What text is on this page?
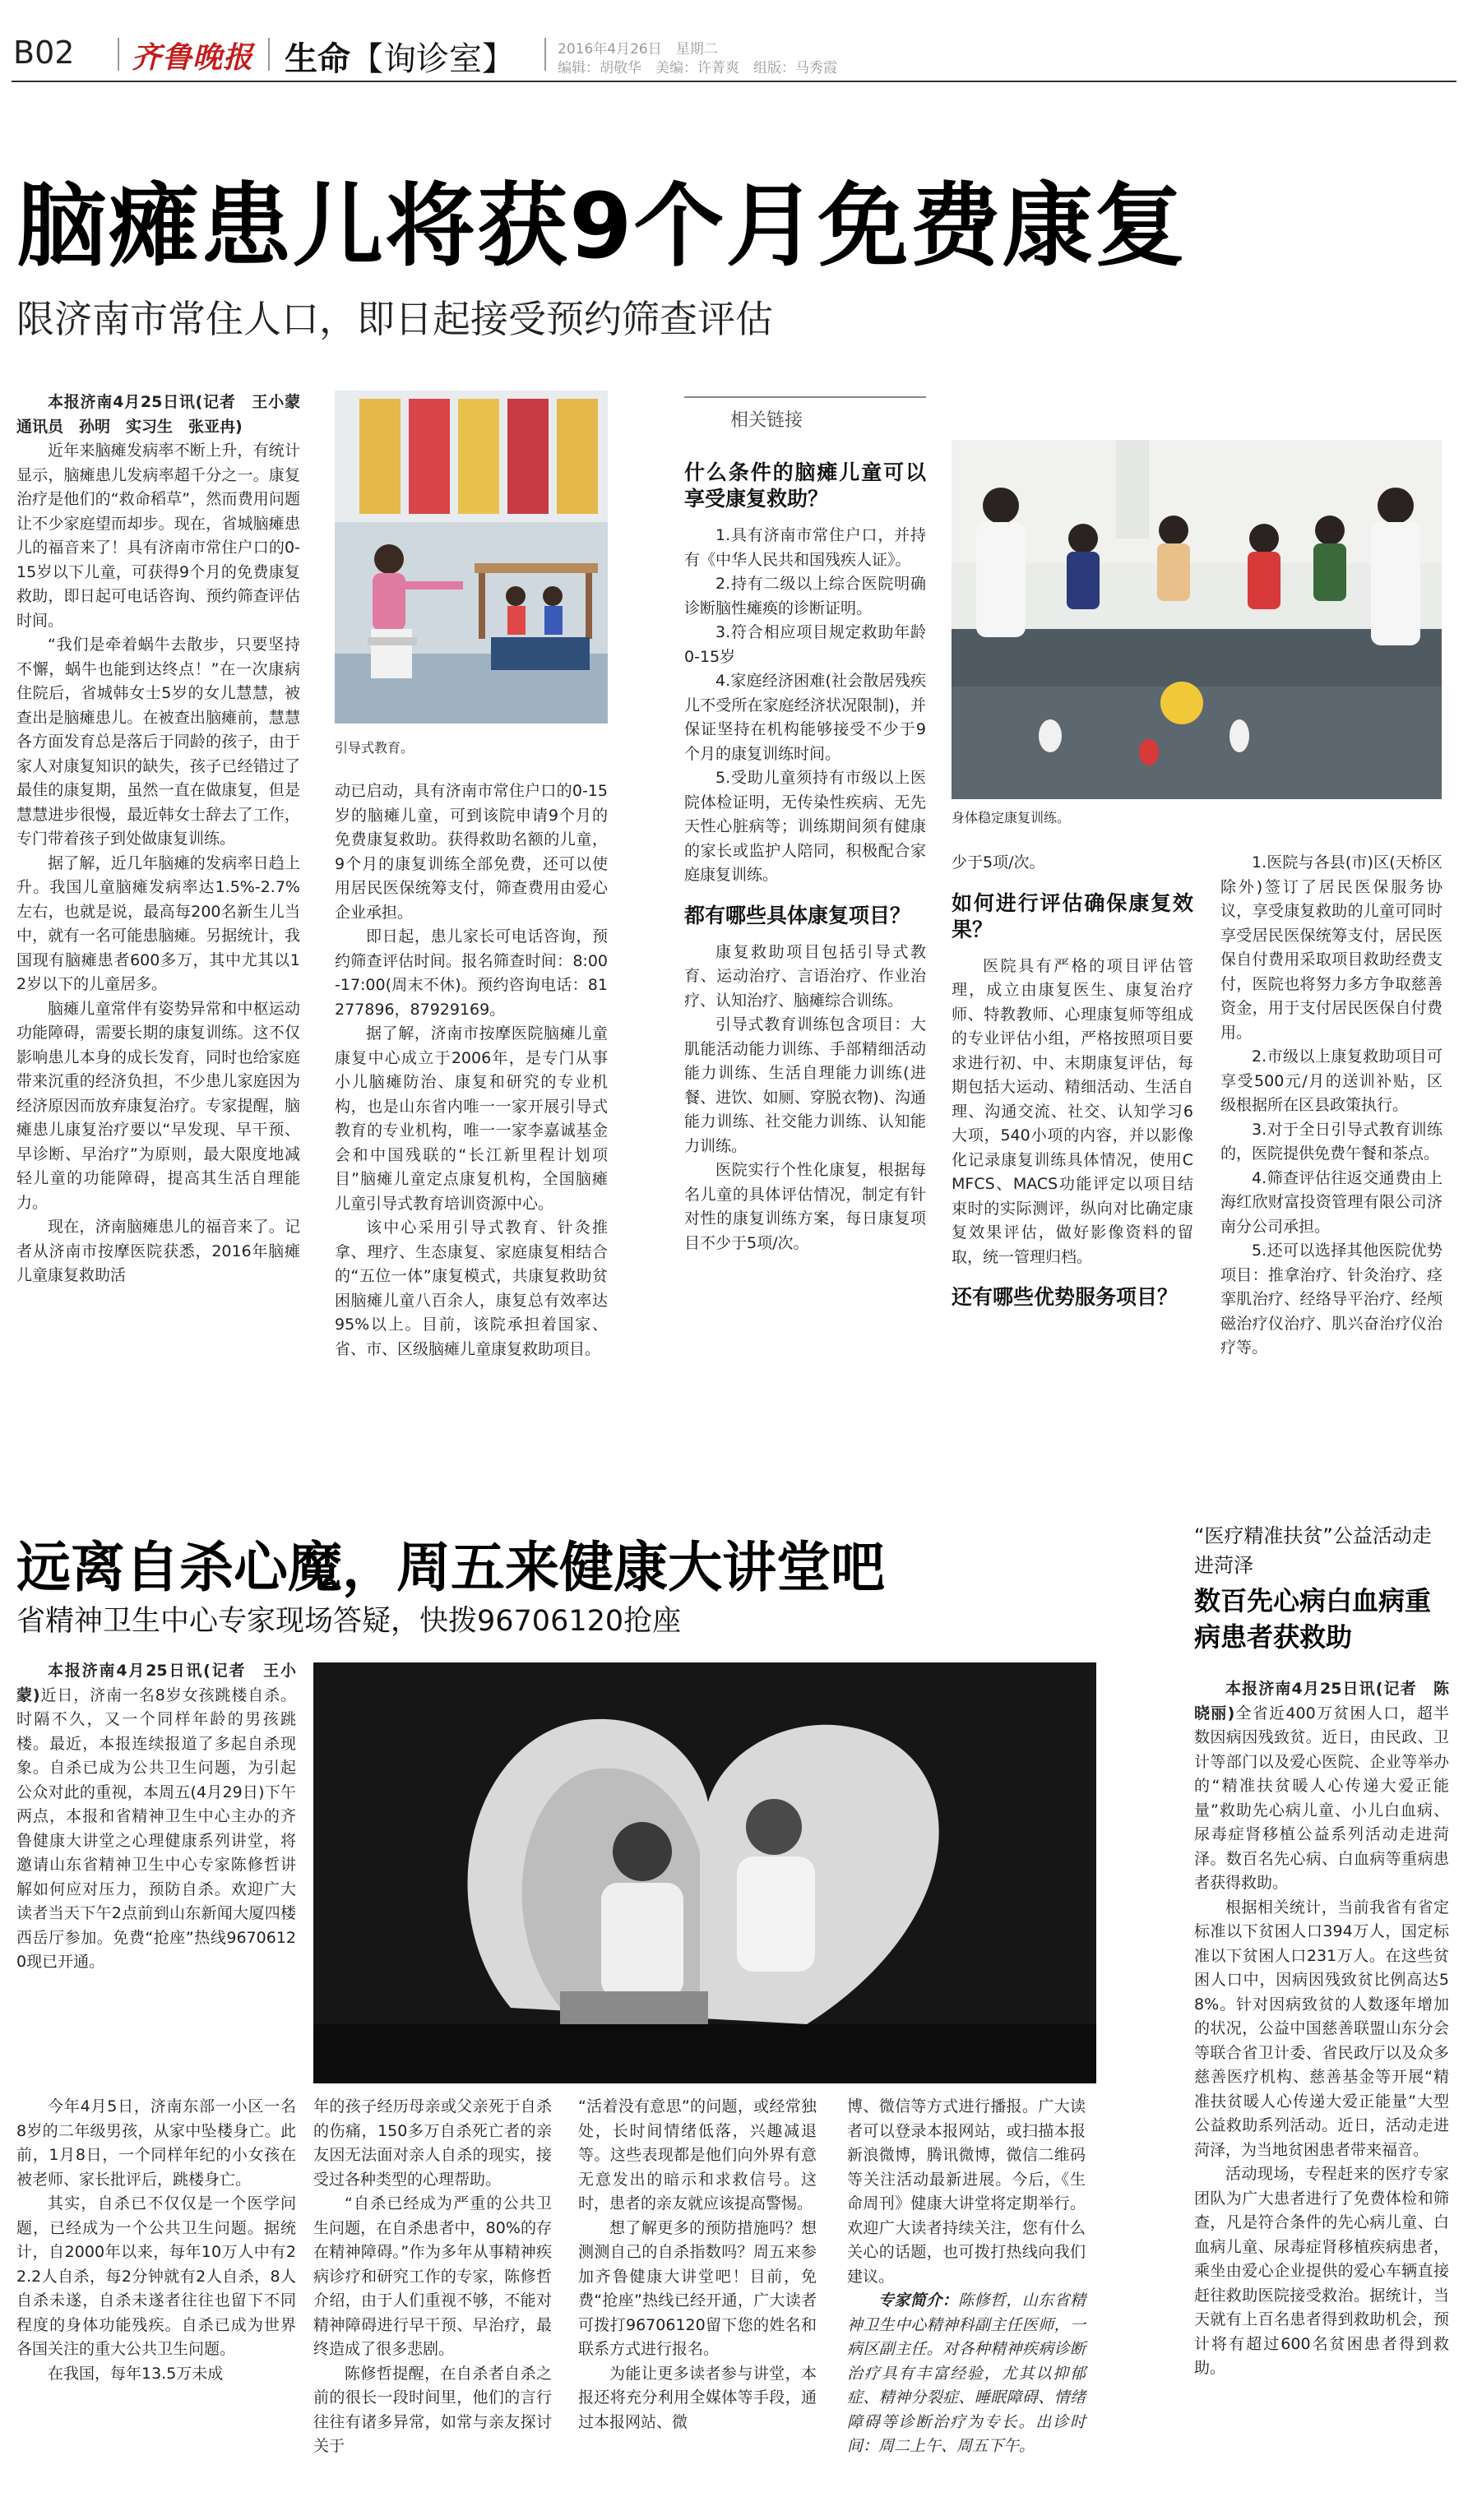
B02 齐鲁晚报 生命【询诊室】	2016年4月26日　星期二
编辑：胡敬华　美编：许菁爽　组版：马秀霞
脑瘫患儿将获9个月免费康复
限济南市常住人口，即日起接受预约筛查评估

本报济南4月25日讯(记者　王小蒙　通讯员　孙明　实习生　张亚冉)

近年来脑瘫发病率不断上升，有统计显示，脑瘫患儿发病率超千分之一。康复治疗是他们的“救命稻草”，然而费用问题让不少家庭望而却步。现在，省城脑瘫患儿的福音来了！具有济南市常住户口的0-15岁以下儿童，可获得9个月的免费康复救助，即日起可电话咨询、预约筛查评估时间。

“我们是牵着蜗牛去散步，只要坚持不懈，蜗牛也能到达终点！”在一次康病住院后，省城韩女士5岁的女儿慧慧，被查出是脑瘫患儿。在被查出脑瘫前，慧慧各方面发育总是落后于同龄的孩子，由于家人对康复知识的缺失，孩子已经错过了最佳的康复期，虽然一直在做康复，但是慧慧进步很慢，最近韩女士辞去了工作，专门带着孩子到处做康复训练。

据了解，近几年脑瘫的发病率日趋上升。我国儿童脑瘫发病率达1.5%-2.7%左右，也就是说，最高每200名新生儿当中，就有一名可能患脑瘫。另据统计，我国现有脑瘫患者600多万，其中尤其以12岁以下的儿童居多。

脑瘫儿童常伴有姿势异常和中枢运动功能障碍，需要长期的康复训练。这不仅影响患儿本身的成长发育，同时也给家庭带来沉重的经济负担，不少患儿家庭因为经济原因而放弃康复治疗。专家提醒，脑瘫患儿康复治疗要以“早发现、早干预、早诊断、早治疗”为原则，最大限度地减轻儿童的功能障碍，提高其生活自理能力。

现在，济南脑瘫患儿的福音来了。记者从济南市按摩医院获悉，2016年脑瘫儿童康复救助活

引导式教育。

动已启动，具有济南市常住户口的0-15岁的脑瘫儿童，可到该院申请9个月的免费康复救助。获得救助名额的儿童，9个月的康复训练全部免费，还可以使用居民医保统筹支付，筛查费用由爱心企业承担。

即日起，患儿家长可电话咨询，预约筛查评估时间。报名筛查时间：8:00-17:00(周末不休)。预约咨询电话：81277896，87929169。

据了解，济南市按摩医院脑瘫儿童康复中心成立于2006年，是专门从事小儿脑瘫防治、康复和研究的专业机构，也是山东省内唯一一家开展引导式教育的专业机构，唯一一家李嘉诚基金会和中国残联的“长江新里程计划项目”脑瘫儿童定点康复机构，全国脑瘫儿童引导式教育培训资源中心。

该中心采用引导式教育、针灸推拿、理疗、生态康复、家庭康复相结合的“五位一体”康复模式，共康复救助贫困脑瘫儿童八百余人，康复总有效率达95%以上。目前，该院承担着国家、省、市、区级脑瘫儿童康复救助项目。

相关链接
什么条件的脑瘫儿童可以享受康复救助？

1.具有济南市常住户口，并持有《中华人民共和国残疾人证》。

2.持有二级以上综合医院明确诊断脑性瘫痪的诊断证明。

3.符合相应项目规定救助年龄0-15岁

4.家庭经济困难(社会散居残疾儿不受所在家庭经济状况限制)，并保证坚持在机构能够接受不少于9个月的康复训练时间。

5.受助儿童须持有市级以上医院体检证明，无传染性疾病、无先天性心脏病等；训练期间须有健康的家长或监护人陪同，积极配合家庭康复训练。

都有哪些具体康复项目？

康复救助项目包括引导式教育、运动治疗、言语治疗、作业治疗、认知治疗、脑瘫综合训练。

引导式教育训练包含项目：大肌能活动能力训练、手部精细活动能力训练、生活自理能力训练(进餐、进饮、如厕、穿脱衣物)、沟通能力训练、社交能力训练、认知能力训练。

医院实行个性化康复，根据每名儿童的具体评估情况，制定有针对性的康复训练方案，每日康复项目不少于5项/次。

身体稳定康复训练。

少于5项/次。

如何进行评估确保康复效果？

医院具有严格的项目评估管理，成立由康复医生、康复治疗师、特教教师、心理康复师等组成的专业评估小组，严格按照项目要求进行初、中、末期康复评估，每期包括大运动、精细活动、生活自理、沟通交流、社交、认知学习6大项，540小项的内容，并以影像化记录康复训练具体情况，使用CMFCS、MACS功能评定以项目结束时的实际测评，纵向对比确定康复效果评估，做好影像资料的留取，统一管理归档。

还有哪些优势服务项目？

1.医院与各县(市)区(天桥区除外)签订了居民医保服务协议，享受康复救助的儿童可同时享受居民医保统筹支付，居民医保自付费用采取项目救助经费支付，医院也将努力多方争取慈善资金，用于支付居民医保自付费用。

2.市级以上康复救助项目可享受500元/月的送训补贴，区级根据所在区县政策执行。

3.对于全日引导式教育训练的，医院提供免费午餐和茶点。

4.筛查评估往返交通费由上海红欣财富投资管理有限公司济南分公司承担。

5.还可以选择其他医院优势项目：推拿治疗、针灸治疗、痉挛肌治疗、经络导平治疗、经颅磁治疗仪治疗、肌兴奋治疗仪治疗等。

远离自杀心魔，周五来健康大讲堂吧
省精神卫生中心专家现场答疑，快拨96706120抢座

本报济南4月25日讯(记者　王小蒙)近日，济南一名8岁女孩跳楼自杀。时隔不久，又一个同样年龄的男孩跳楼。最近，本报连续报道了多起自杀现象。自杀已成为公共卫生问题，为引起公众对此的重视，本周五(4月29日)下午两点，本报和省精神卫生中心主办的齐鲁健康大讲堂之心理健康系列讲堂，将邀请山东省精神卫生中心专家陈修哲讲解如何应对压力，预防自杀。欢迎广大读者当天下午2点前到山东新闻大厦四楼西岳厅参加。免费“抢座”热线96706120现已开通。

今年4月5日，济南东部一小区一名8岁的二年级男孩，从家中坠楼身亡。此前，1月8日，一个同样年纪的小女孩在被老师、家长批评后，跳楼身亡。

其实，自杀已不仅仅是一个医学问题，已经成为一个公共卫生问题。据统计，自2000年以来，每年10万人中有22.2人自杀，每2分钟就有2人自杀，8人自杀未遂，自杀未遂者往往也留下不同程度的身体功能残疾。自杀已成为世界各国关注的重大公共卫生问题。

在我国，每年13.5万未成

年的孩子经历母亲或父亲死于自杀的伤痛，150多万自杀死亡者的亲友因无法面对亲人自杀的现实，接受过各种类型的心理帮助。

“自杀已经成为严重的公共卫生问题，在自杀患者中，80%的存在精神障碍。”作为多年从事精神疾病诊疗和研究工作的专家，陈修哲介绍，由于人们重视不够，不能对精神障碍进行早干预、早治疗，最终造成了很多悲剧。

陈修哲提醒，在自杀者自杀之前的很长一段时间里，他们的言行往往有诸多异常，如常与亲友探讨关于

“活着没有意思”的问题，或经常独处，长时间情绪低落，兴趣减退等。这些表现都是他们向外界有意无意发出的暗示和求救信号。这时，患者的亲友就应该提高警惕。

想了解更多的预防措施吗？想测测自己的自杀指数吗？周五来参加齐鲁健康大讲堂吧！目前，免费“抢座”热线已经开通，广大读者可拨打96706120留下您的姓名和联系方式进行报名。

为能让更多读者参与讲堂，本报还将充分利用全媒体等手段，通过本报网站、微

博、微信等方式进行播报。广大读者可以登录本报网站，或扫描本报新浪微博，腾讯微博，微信二维码等关注活动最新进展。今后，《生命周刊》健康大讲堂将定期举行。欢迎广大读者持续关注，您有什么关心的话题，也可拨打热线向我们建议。

专家简介：陈修哲，山东省精神卫生中心精神科副主任医师，一病区副主任。对各种精神疾病诊断治疗具有丰富经验，尤其以抑郁症、精神分裂症、睡眠障碍、情绪障碍等诊断治疗为专长。出诊时间：周二上午、周五下午。

“医疗精准扶贫”公益活动走进菏泽
数百先心病白血病重病患者获救助

本报济南4月25日讯(记者　陈晓丽)全省近400万贫困人口，超半数因病因残致贫。近日，由民政、卫计等部门以及爱心医院、企业等举办的“精准扶贫暖人心传递大爱正能量”救助先心病儿童、小儿白血病、尿毒症肾移植公益系列活动走进菏泽。数百名先心病、白血病等重病患者获得救助。

根据相关统计，当前我省有省定标准以下贫困人口394万人，国定标准以下贫困人口231万人。在这些贫困人口中，因病因残致贫比例高达58%。针对因病致贫的人数逐年增加的状况，公益中国慈善联盟山东分会等联合省卫计委、省民政厅以及众多慈善医疗机构、慈善基金等开展“精准扶贫暖人心传递大爱正能量”大型公益救助系列活动。近日，活动走进菏泽，为当地贫困患者带来福音。

活动现场，专程赶来的医疗专家团队为广大患者进行了免费体检和筛查，凡是符合条件的先心病儿童、白血病儿童、尿毒症肾移植疾病患者，乘坐由爱心企业提供的爱心车辆直接赶往救助医院接受救治。据统计，当天就有上百名患者得到救助机会，预计将有超过600名贫困患者得到救助。
